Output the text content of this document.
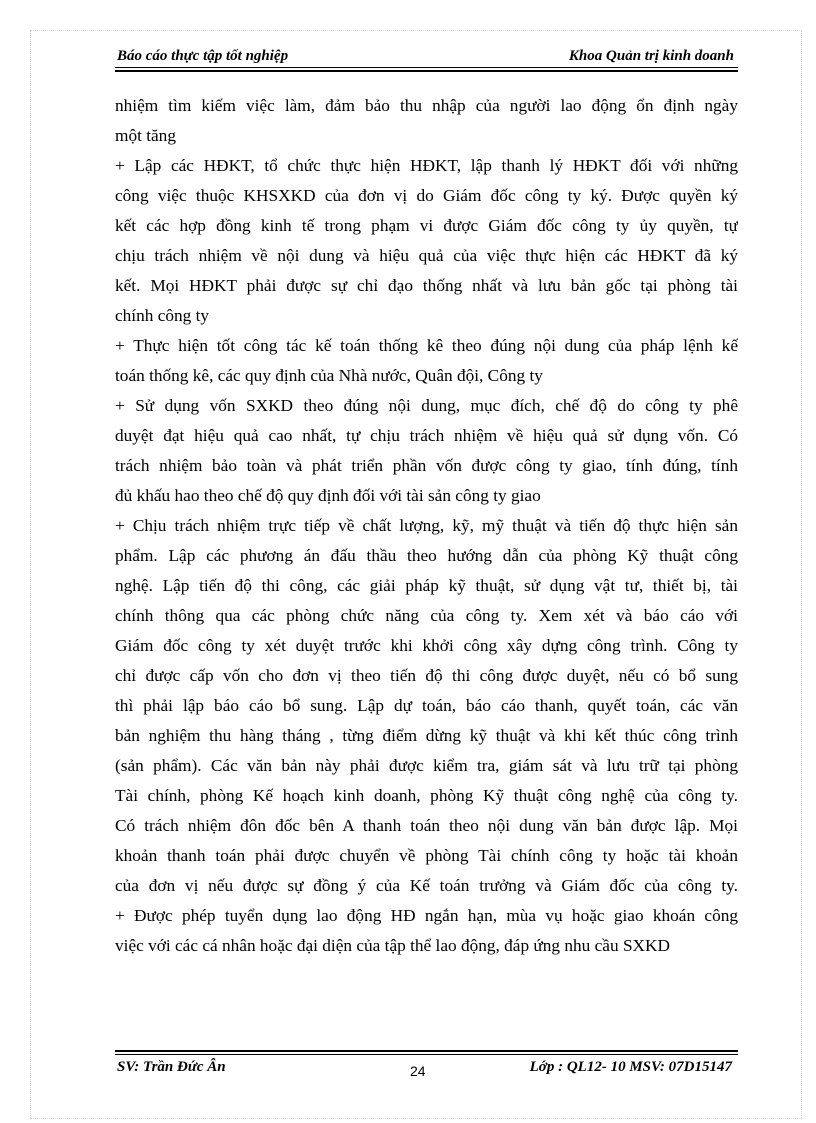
Báo cáo thực tập tốt nghiệp	Khoa Quản trị kinh doanh
nhiệm tìm kiếm việc làm, đảm bảo thu nhập của người lao động ổn định ngày
một tăng
+ Lập các HĐKT, tổ chức thực hiện HĐKT, lập thanh lý HĐKT đối với những
công việc thuộc KHSXKD của đơn vị do Giám đốc công ty ký. Được quyền ký
kết các hợp đồng kinh tế trong phạm vi được Giám đốc công ty ủy quyền, tự
chịu trách nhiệm về nội dung và hiệu quả của việc thực hiện các HĐKT đã ký
kết. Mọi HĐKT phải được sự chỉ đạo thống nhất và lưu bản gốc tại phòng tài
chính công ty
+ Thực hiện tốt công tác kế toán thống kê theo đúng nội dung của pháp lệnh kế
toán thống kê, các quy định của Nhà nước, Quân đội, Công ty
+ Sử dụng vốn SXKD theo đúng nội dung, mục đích, chế độ do công ty phê
duyệt đạt hiệu quả cao nhất, tự chịu trách nhiệm về hiệu quả sử dụng vốn. Có
trách nhiệm bảo toàn và phát triển phần vốn được công ty giao, tính đúng, tính
đủ khấu hao theo chế độ quy định đối với tài sản công ty giao
+ Chịu trách nhiệm trực tiếp về chất lượng, kỹ, mỹ thuật và tiến độ thực hiện sản
phẩm. Lập các phương án đấu thầu theo hướng dẫn của phòng Kỹ thuật công
nghệ. Lập tiến độ thi công, các giải pháp kỹ thuật, sử dụng vật tư, thiết bị, tài
chính thông qua các phòng chức năng của công ty. Xem xét và báo cáo với
Giám đốc công ty xét duyệt trước khi khởi công xây dựng công trình. Công ty
chỉ được cấp vốn cho đơn vị theo tiến độ thi công được duyệt, nếu có bổ sung
thì phải lập báo cáo bổ sung. Lập dự toán, báo cáo thanh, quyết toán, các văn
bản nghiệm thu hàng tháng , từng điểm dừng kỹ thuật và khi kết thúc công trình
(sản phẩm). Các văn bản này phải được kiểm tra, giám sát và lưu trữ tại phòng
Tài chính, phòng Kế hoạch kinh doanh, phòng Kỹ thuật công nghệ của công ty.
Có trách nhiệm đôn đốc bên A thanh toán theo nội dung văn bản được lập. Mọi
khoản thanh toán phải được chuyển về phòng Tài chính công ty hoặc tài khoản
của đơn vị nếu được sự đồng ý của Kế toán trưởng và Giám đốc của công ty.
+ Được phép tuyển dụng lao động HĐ ngắn hạn, mùa vụ hoặc giao khoán công
việc với các cá nhân hoặc đại diện của tập thể lao động, đáp ứng nhu cầu SXKD
SV: Trần Đức Ân	24	Lớp : QL12- 10 MSV: 07D15147
